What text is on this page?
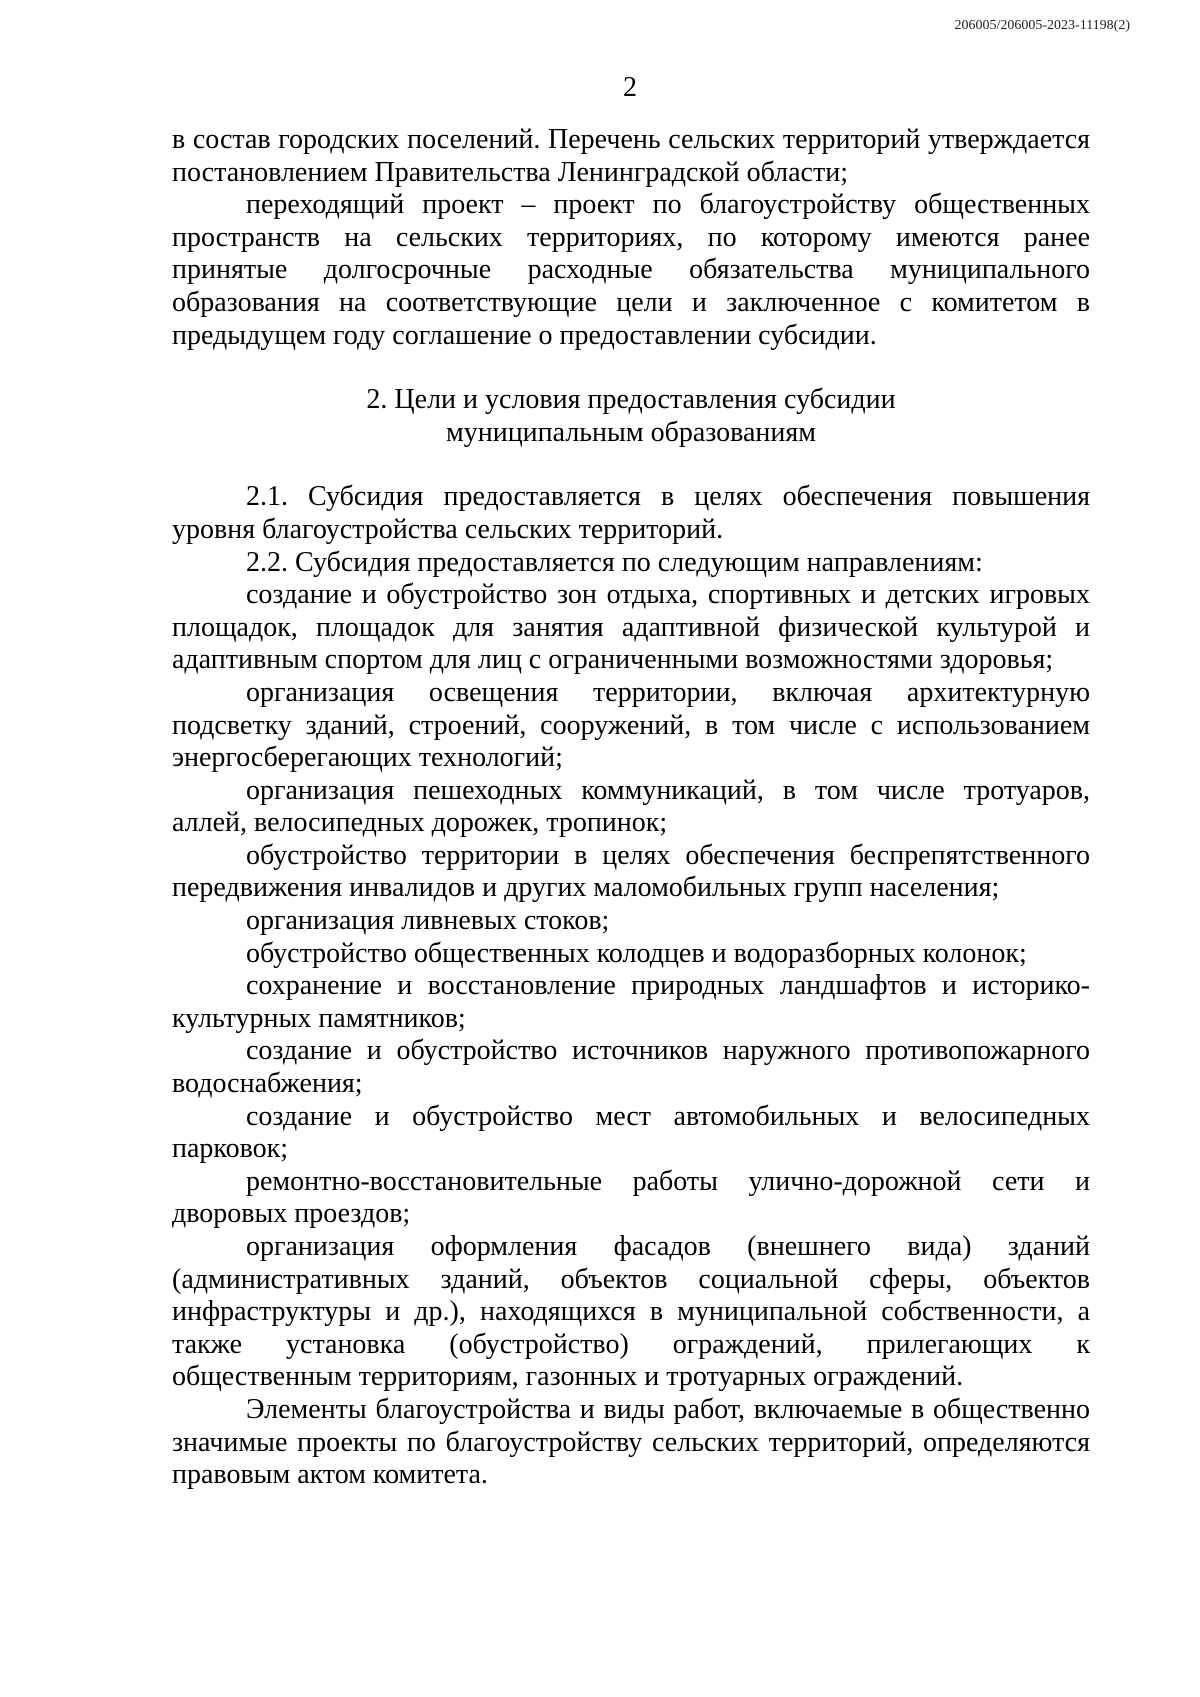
206005/206005-2023-11198(2)

2

в состав городских поселений. Перечень сельских территорий утверждается постановлением Правительства Ленинградской области;

переходящий проект – проект по благоустройству общественных пространств на сельских территориях, по которому имеются ранее принятые долгосрочные расходные обязательства муниципального образования на соответствующие цели и заключенное с комитетом в предыдущем году соглашение о предоставлении субсидии.

2. Цели и условия предоставления субсидии

муниципальным образованиям

2.1. Субсидия предоставляется в целях обеспечения повышения уровня благоустройства сельских территорий.

2.2. Субсидия предоставляется по следующим направлениям:

создание и обустройство зон отдыха, спортивных и детских игровых площадок, площадок для занятия адаптивной физической культурой и адаптивным спортом для лиц с ограниченными возможностями здоровья;

организация освещения территории, включая архитектурную подсветку зданий, строений, сооружений, в том числе с использованием энергосберегающих технологий;

организация пешеходных коммуникаций, в том числе тротуаров, аллей, велосипедных дорожек, тропинок;

обустройство территории в целях обеспечения беспрепятственного передвижения инвалидов и других маломобильных групп населения;

организация ливневых стоков;

обустройство общественных колодцев и водоразборных колонок;

сохранение и восстановление природных ландшафтов и историко-культурных памятников;

создание и обустройство источников наружного противопожарного водоснабжения;

создание и обустройство мест автомобильных и велосипедных парковок;

ремонтно-восстановительные работы улично-дорожной сети и дворовых проездов;

организация оформления фасадов (внешнего вида) зданий (административных зданий, объектов социальной сферы, объектов инфраструктуры и др.), находящихся в муниципальной собственности, а также установка (обустройство) ограждений, прилегающих к общественным территориям, газонных и тротуарных ограждений.

Элементы благоустройства и виды работ, включаемые в общественно значимые проекты по благоустройству сельских территорий, определяются правовым актом комитета.
